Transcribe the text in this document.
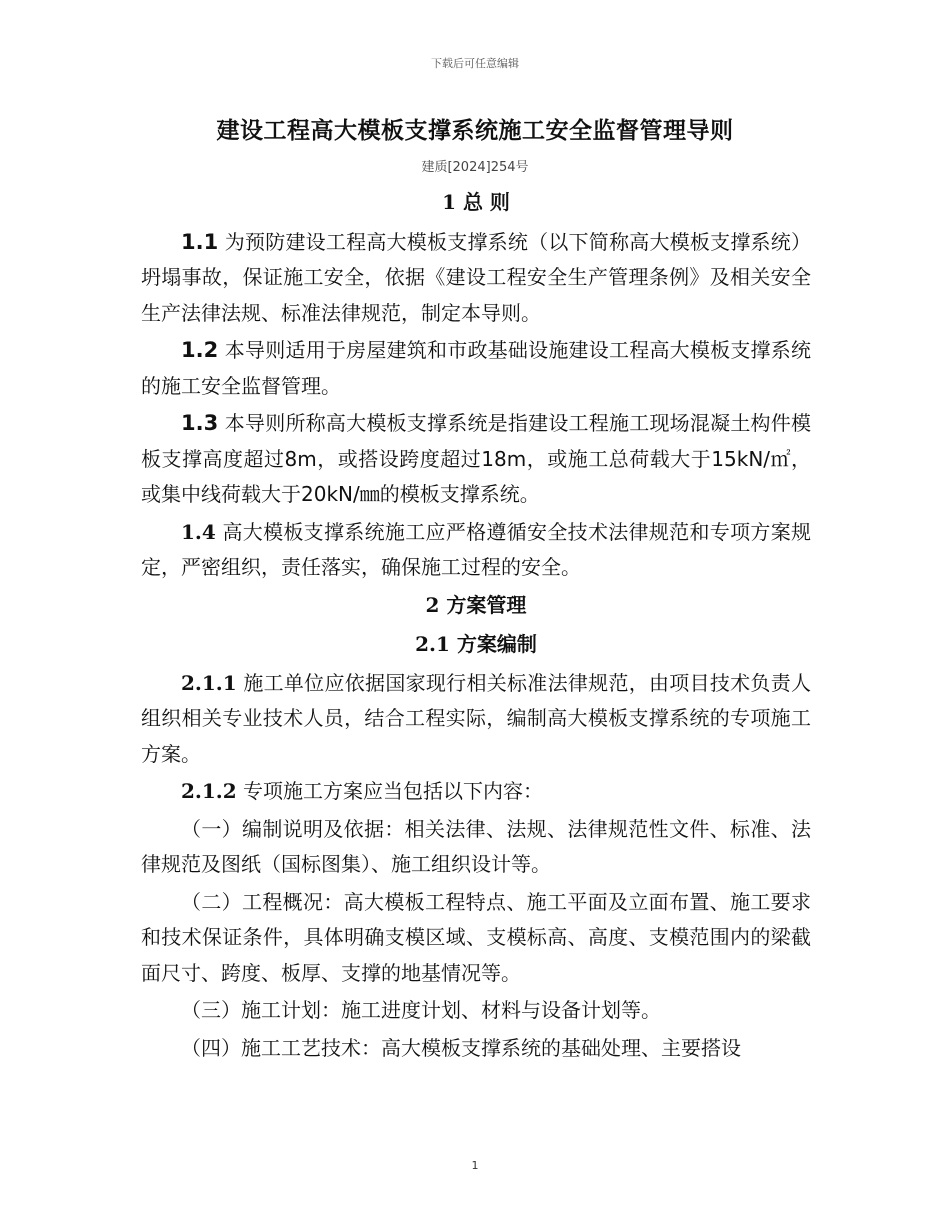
下载后可任意编辑
建设工程高大模板支撑系统施工安全监督管理导则
建质[2024]254号

1 总 则

1.1 为预防建设工程高大模板支撑系统（以下简称高大模板支撑系统）坍塌事故，保证施工安全，依据《建设工程安全生产管理条例》及相关安全生产法律法规、标准法律规范，制定本导则。

1.2 本导则适用于房屋建筑和市政基础设施建设工程高大模板支撑系统的施工安全监督管理。

1.3 本导则所称高大模板支撑系统是指建设工程施工现场混凝土构件模板支撑高度超过8m，或搭设跨度超过18m，或施工总荷载大于15kN/㎡，或集中线荷载大于20kN/㎜的模板支撑系统。

1.4 高大模板支撑系统施工应严格遵循安全技术法律规范和专项方案规定，严密组织，责任落实，确保施工过程的安全。

2 方案管理

2.1 方案编制

2.1.1 施工单位应依据国家现行相关标准法律规范，由项目技术负责人组织相关专业技术人员，结合工程实际，编制高大模板支撑系统的专项施工方案。

2.1.2 专项施工方案应当包括以下内容：

（一）编制说明及依据：相关法律、法规、法律规范性文件、标准、法律规范及图纸（国标图集）、施工组织设计等。

（二）工程概况：高大模板工程特点、施工平面及立面布置、施工要求和技术保证条件，具体明确支模区域、支模标高、高度、支模范围内的梁截面尺寸、跨度、板厚、支撑的地基情况等。

（三）施工计划：施工进度计划、材料与设备计划等。

（四）施工工艺技术：高大模板支撑系统的基础处理、主要搭设

1
